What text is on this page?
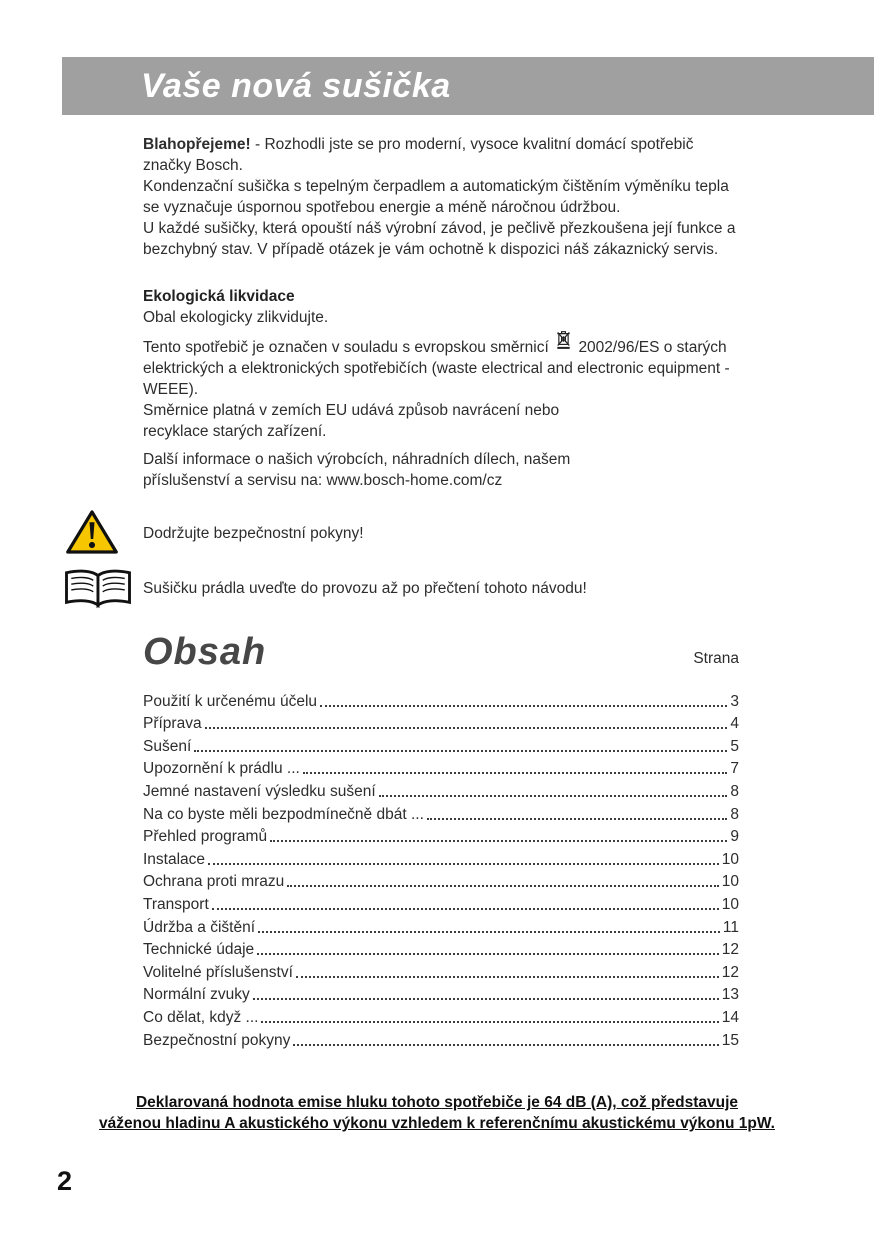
Vaše nová sušička

Blahopřejeme! - Rozhodli jste se pro moderní, vysoce kvalitní domácí spotřebič značky Bosch.

Kondenzační sušička s tepelným čerpadlem a automatickým čištěním výměníku tepla se vyznačuje úspornou spotřebou energie a méně náročnou údržbou.

U každé sušičky, která opouští náš výrobní závod, je pečlivě přezkoušena její funkce a bezchybný stav. V případě otázek je vám ochotně k dispozici náš zákaznický servis.

Ekologická likvidace

Obal ekologicky zlikvidujte.

Tento spotřebič je označen v souladu s evropskou směrnicí 2002/96/ES o starých elektrických a elektronických spotřebičích (waste electrical and electronic equipment - WEEE).

Směrnice platná v zemích EU udává způsob navrácení nebo recyklace starých zařízení.

Další informace o našich výrobcích, náhradních dílech, našem příslušenství a servisu na: www.bosch-home.com/cz

Dodržujte bezpečnostní pokyny!
Sušičku prádla uveďte do provozu až po přečtení tohoto návodu!
Obsah	Strana
Použití k určenému účelu	3
Příprava	4
Sušení	5
Upozornění k prádlu ...	7
Jemné nastavení výsledku sušení	8
Na co byste měli bezpodmínečně dbát ...	8
Přehled programů	9
Instalace	10
Ochrana proti mrazu	10
Transport	10
Údržba a čištění	11
Technické údaje	12
Volitelné příslušenství	12
Normální zvuky	13
Co dělat, když ...	14
Bezpečnostní pokyny	15
Deklarovaná hodnota emise hluku tohoto spotřebiče je 64 dB (A), což představuje
váženou hladinu A akustického výkonu vzhledem k referenčnímu akustickému výkonu 1pW.
2
